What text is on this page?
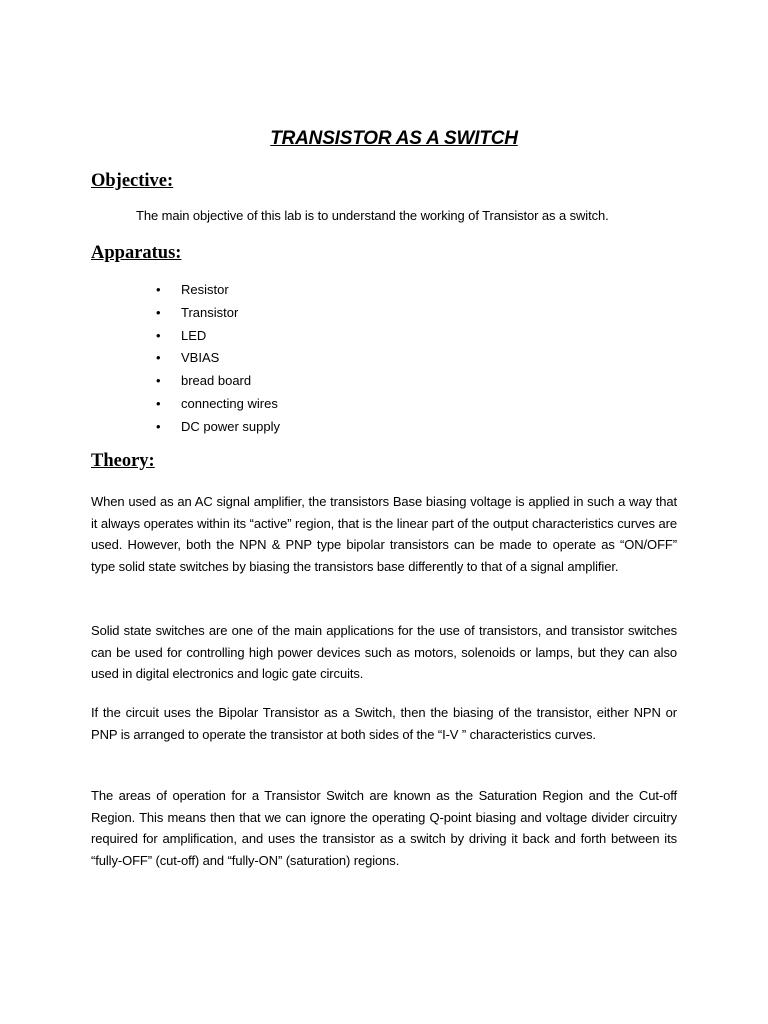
TRANSISTOR AS A SWITCH
Objective:
The main objective of this lab is to understand the working of Transistor as a switch.
Apparatus:
• Resistor
• Transistor
• LED
• VBIAS
• bread board
• connecting wires
• DC power supply
Theory:

When used as an AC signal amplifier, the transistors Base biasing voltage is applied in such a way that it always operates within its “active” region, that is the linear part of the output characteristics curves are used. However, both the NPN & PNP type bipolar transistors can be made to operate as “ON/OFF” type solid state switches by biasing the transistors base differently to that of a signal amplifier.

Solid state switches are one of the main applications for the use of transistors, and transistor switches can be used for controlling high power devices such as motors, solenoids or lamps, but they can also used in digital electronics and logic gate circuits.

If the circuit uses the Bipolar Transistor as a Switch, then the biasing of the transistor, either NPN or PNP is arranged to operate the transistor at both sides of the “I-V ” characteristics curves.

The areas of operation for a Transistor Switch are known as the Saturation Region and the Cut-off Region. This means then that we can ignore the operating Q-point biasing and voltage divider circuitry required for amplification, and uses the transistor as a switch by driving it back and forth between its “fully-OFF” (cut-off) and “fully-ON” (saturation) regions.
